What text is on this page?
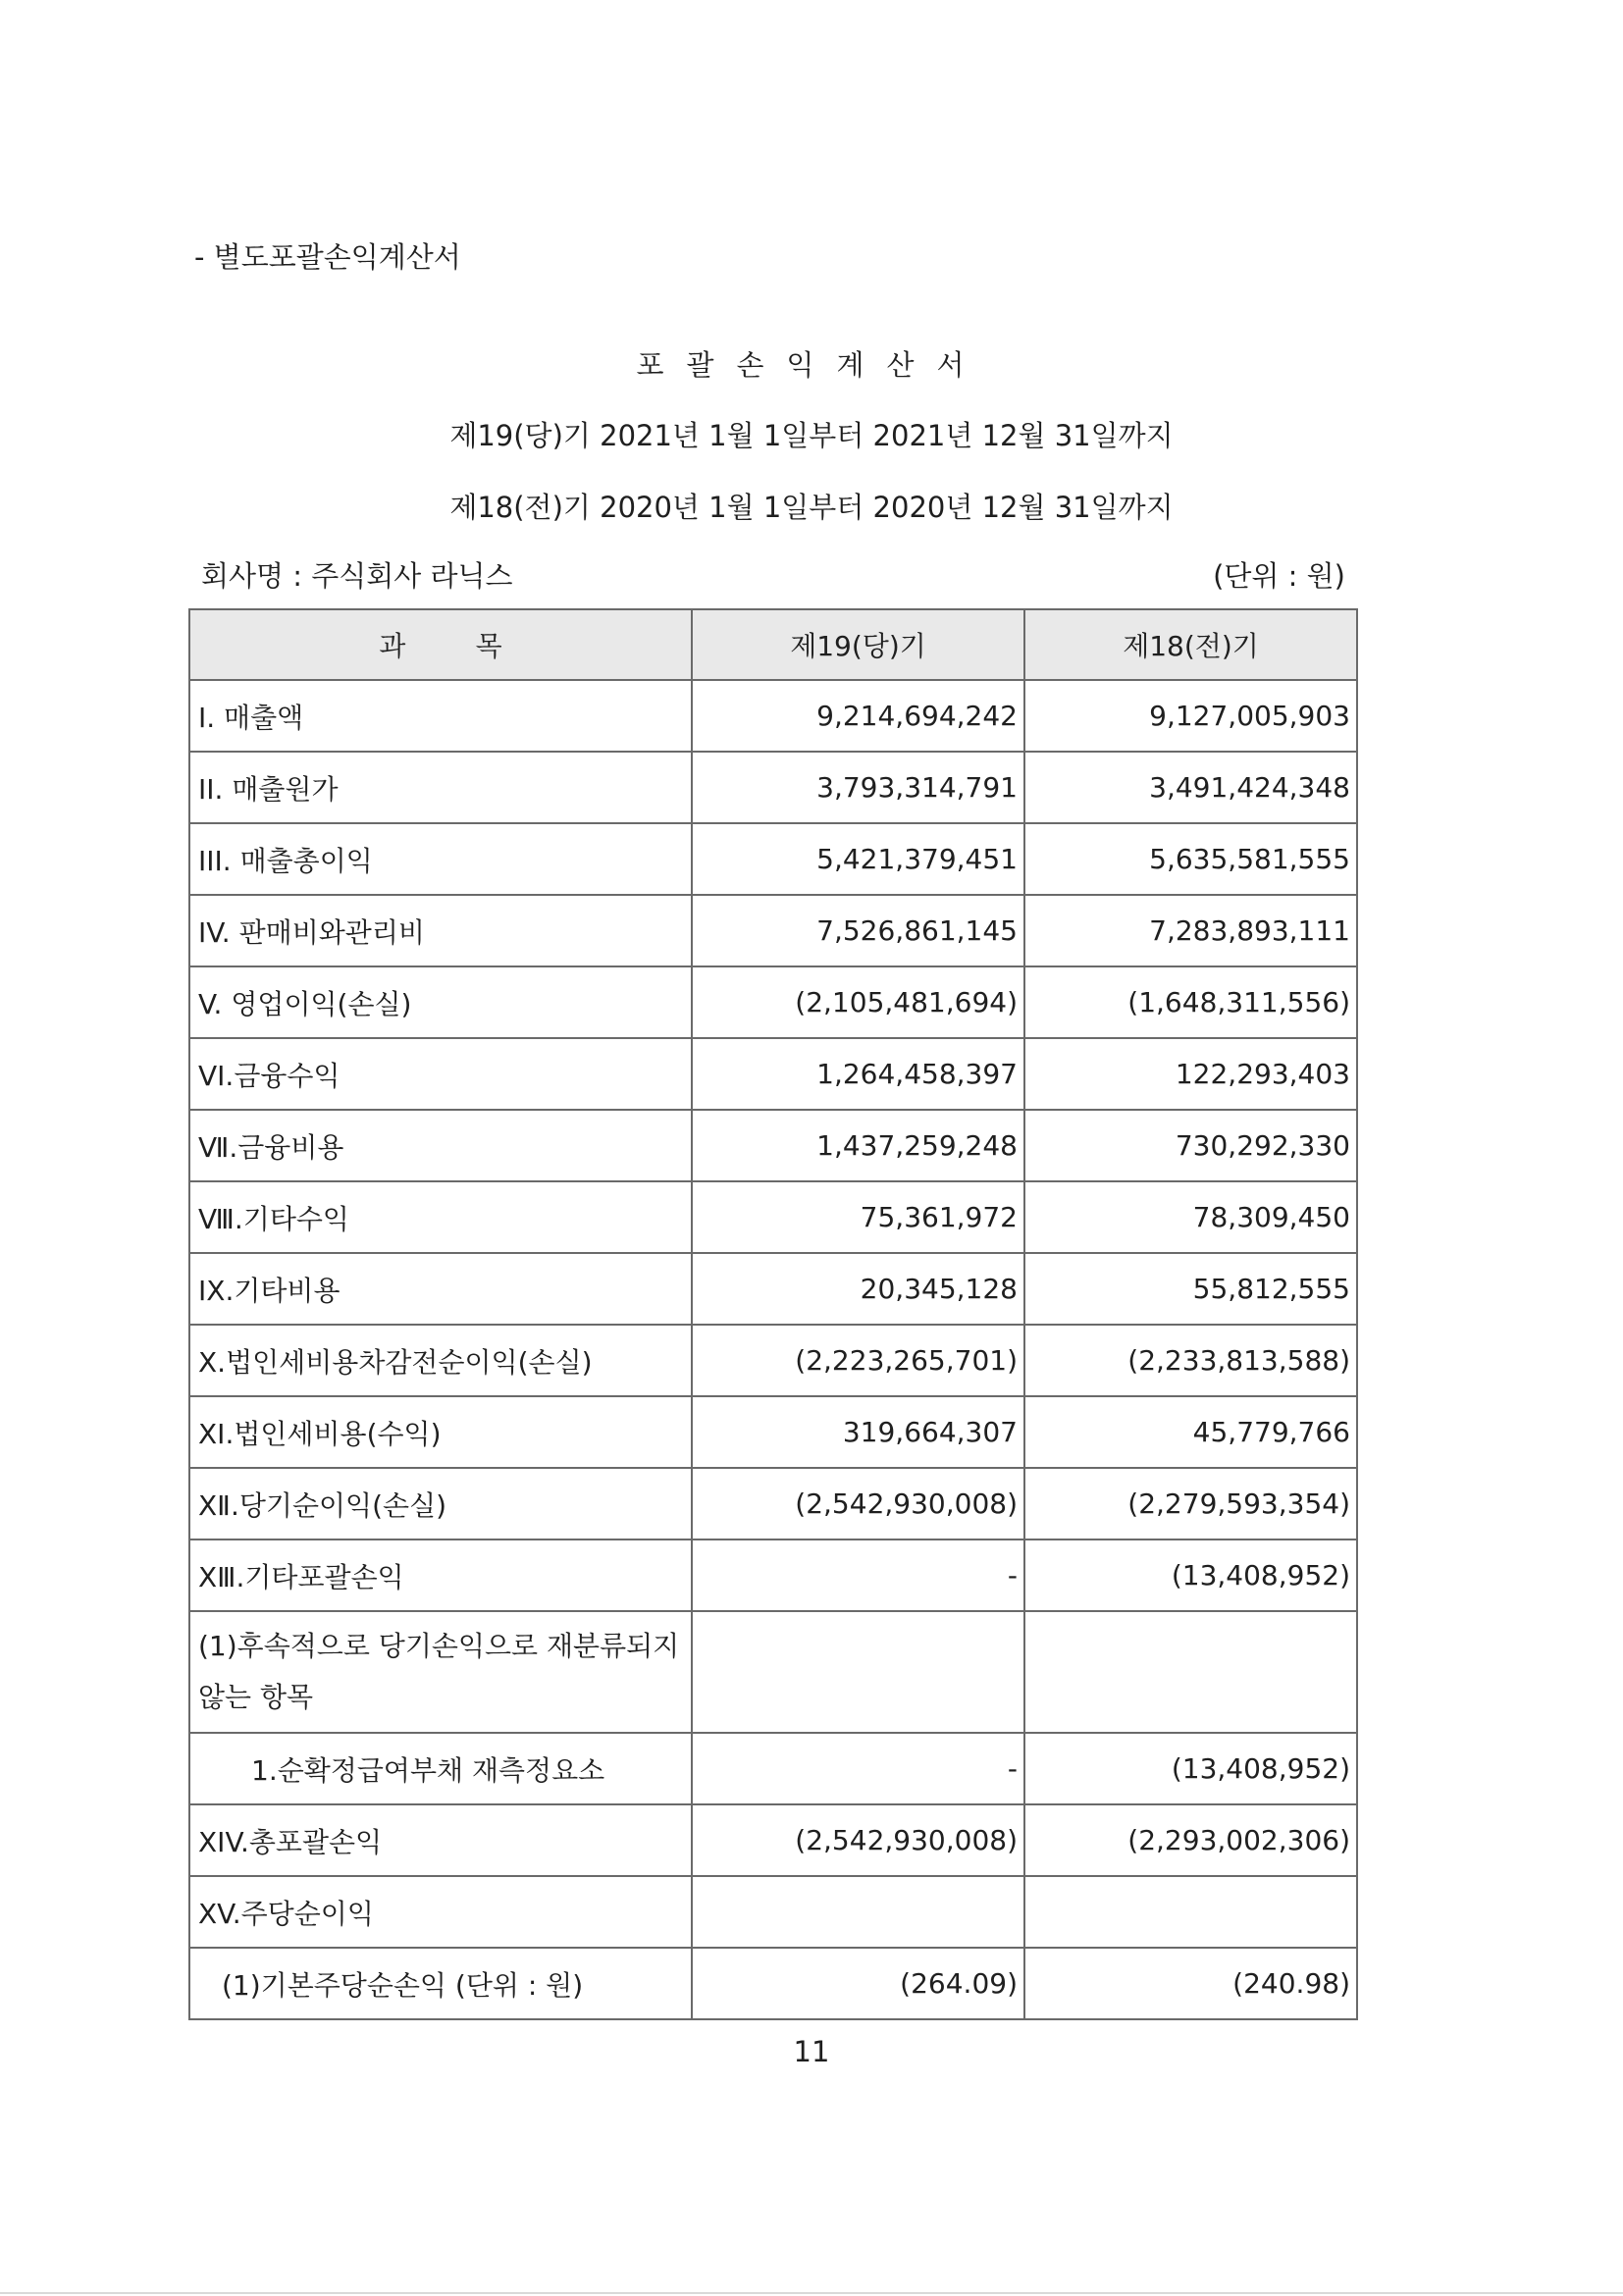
- 별도포괄손익계산서
포괄손익계산서
제19(당)기 2021년 1월 1일부터 2021년 12월 31일까지
제18(전)기 2020년 1월 1일부터 2020년 12월 31일까지
회사명 : 주식회사 라닉스	(단위 : 원)
과        목	제19(당)기	제18(전)기
I. 매출액	9,214,694,242	9,127,005,903
II. 매출원가	3,793,314,791	3,491,424,348
III. 매출총이익	5,421,379,451	5,635,581,555
IV. 판매비와관리비	7,526,861,145	7,283,893,111
V. 영업이익(손실)	(2,105,481,694)	(1,648,311,556)
VI.금융수익	1,264,458,397	122,293,403
Ⅶ.금융비용	1,437,259,248	730,292,330
Ⅷ.기타수익	75,361,972	78,309,450
IX.기타비용	20,345,128	55,812,555
X.법인세비용차감전순이익(손실)	(2,223,265,701)	(2,233,813,588)
XI.법인세비용(수익)	319,664,307	45,779,766
XⅡ.당기순이익(손실)	(2,542,930,008)	(2,279,593,354)
XⅢ.기타포괄손익	-	(13,408,952)
(1)후속적으로 당기손익으로 재분류되지 않는 항목		
1.순확정급여부채 재측정요소	-	(13,408,952)
XIV.총포괄손익	(2,542,930,008)	(2,293,002,306)
XV.주당순이익		
(1)기본주당순손익 (단위 : 원)	(264.09)	(240.98)
11
